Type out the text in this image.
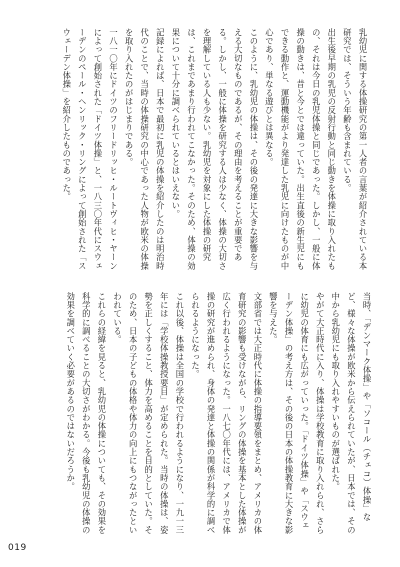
乳幼児に関する体操研究の第一人者の言葉が紹介されている本研究では、そういう年齢も含まれている。
出生後早期の乳児の反射行動と同じ動きを体操に取り入れたもの、それは今日の乳児体操と同じであった。しかし、一般に体操の動きは、昔と今とでは違っていた。出生直後の新生児にもできる動作と、運動機能がより発達した乳児に向けたものが中心であり、単なる遊びとは異なる。
このように、乳幼児の体操は、その後の発達に大きな影響を与える大切なものであるが、その理由を考えることが重要である。しかし、一般に体操を研究する人は少なく、体操の大切さを理解している人も少ない。乳幼児を対象にした体操の研究は、これまであまり行われてこなかった。そのため、体操の効果について十分に調べられているとはいえない。
記録によれば、日本で最初に乳児の体操を紹介したのは明治時代のことで、当時の体操研究の中心であった人物が欧米の体操を取り入れたのがはじまりである。
一八一〇年にドイツのフリードリッヒ・ルートヴィヒ・ヤーンによって創始された「ドイツ体操」と、一八三〇年代にスウェーデンのペール・ヘンリック・リングによって創始された「スウェーデン体操」を紹介したものであった。
当時、「デンマーク体操」や「ソコール（チェコ）体操」など、様々な体操が欧米から伝えられていたが、日本では、その中から乳幼児にも取り入れやすいものが選ばれた。
やがて大正時代に入り、体操は学校教育に取り入れられ、さらに幼児の体育にも広がっていった。「ドイツ体操」や「スウェーデン体操」の考え方は、その後の日本の体操教育に大きな影響を与えた。
文部省では大正時代に体操の指導要領をまとめ、アメリカの体育研究の影響も受けながら、リングの体操を基本とした体操が広く行われるようになった。一八七〇年代には、アメリカで体操の研究が進められ、身体の発達と体操の関係が科学的に調べられるようになった。
これ以後、体操は全国の学校で行われるようになり、一九一三年には「学校体操教授要目」が定められた。当時の体操は、姿勢を正しくすること、体力を高めることを目的としていた。そのため、日本の子どもの体格や体力の向上にもつながったといわれている。
これらの経緯を見ると、乳幼児の体操についても、その効果を科学的に調べることの大切さがわかる。今後も乳幼児の体操の効果を調べていく必要があるのではないだろうか。
019
